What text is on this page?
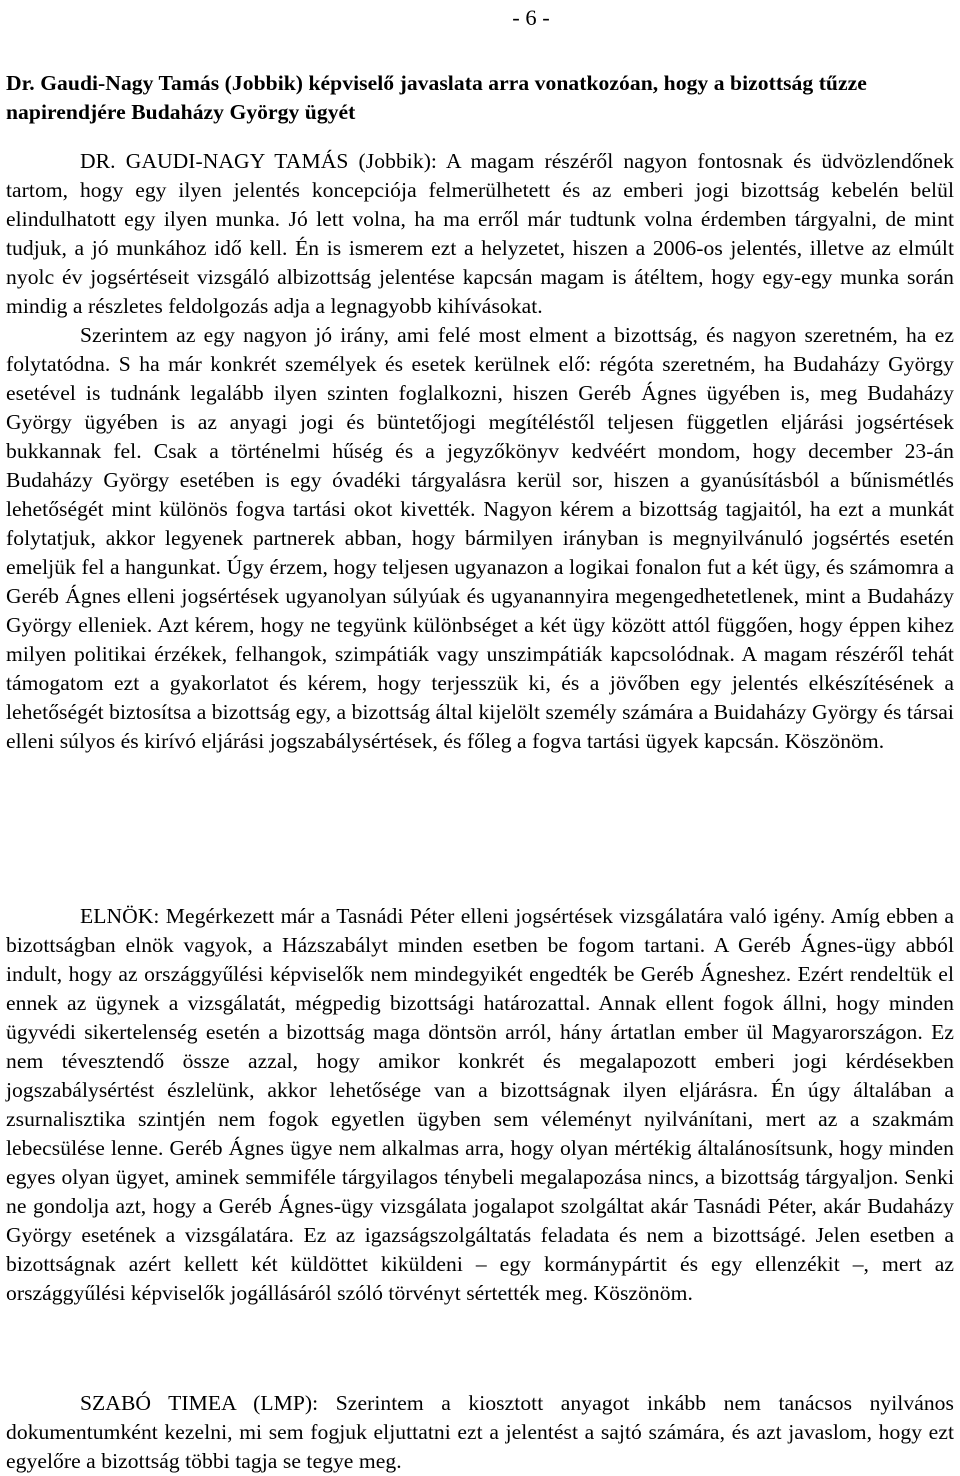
- 6 -
Dr. Gaudi-Nagy Tamás (Jobbik) képviselő javaslata arra vonatkozóan, hogy a bizottság tűzze napirendjére Budaházy György ügyét

DR. GAUDI-NAGY TAMÁS (Jobbik): A magam részéről nagyon fontosnak és üdvözlendőnek tartom, hogy egy ilyen jelentés koncepciója felmerülhetett és az emberi jogi bizottság kebelén belül elindulhatott egy ilyen munka. Jó lett volna, ha ma erről már tudtunk volna érdemben tárgyalni, de mint tudjuk, a jó munkához idő kell. Én is ismerem ezt a helyzetet, hiszen a 2006-os jelentés, illetve az elmúlt nyolc év jogsértéseit vizsgáló albizottság jelentése kapcsán magam is átéltem, hogy egy-egy munka során mindig a részletes feldolgozás adja a legnagyobb kihívásokat.

Szerintem az egy nagyon jó irány, ami felé most elment a bizottság, és nagyon szeretném, ha ez folytatódna. S ha már konkrét személyek és esetek kerülnek elő: régóta szeretném, ha Budaházy György esetével is tudnánk legalább ilyen szinten foglalkozni, hiszen Geréb Ágnes ügyében is, meg Budaházy György ügyében is az anyagi jogi és büntetőjogi megítéléstől teljesen független eljárási jogsértések bukkannak fel. Csak a történelmi hűség és a jegyzőkönyv kedvéért mondom, hogy december 23-án Budaházy György esetében is egy óvadéki tárgyalásra kerül sor, hiszen a gyanúsításból a bűnismétlés lehetőségét mint különös fogva tartási okot kivették. Nagyon kérem a bizottság tagjaitól, ha ezt a munkát folytatjuk, akkor legyenek partnerek abban, hogy bármilyen irányban is megnyilvánuló jogsértés esetén emeljük fel a hangunkat. Úgy érzem, hogy teljesen ugyanazon a logikai fonalon fut a két ügy, és számomra a Geréb Ágnes elleni jogsértések ugyanolyan súlyúak és ugyanannyira megengedhetetlenek, mint a Budaházy György elleniek. Azt kérem, hogy ne tegyünk különbséget a két ügy között attól függően, hogy éppen kihez milyen politikai érzékek, felhangok, szimpátiák vagy unszimpátiák kapcsolódnak. A magam részéről tehát támogatom ezt a gyakorlatot és kérem, hogy terjesszük ki, és a jövőben egy jelentés elkészítésének a lehetőségét biztosítsa a bizottság egy, a bizottság által kijelölt személy számára a Buidaházy György és társai elleni súlyos és kirívó eljárási jogszabálysértések, és főleg a fogva tartási ügyek kapcsán. Köszönöm.

ELNÖK: Megérkezett már a Tasnádi Péter elleni jogsértések vizsgálatára való igény. Amíg ebben a bizottságban elnök vagyok, a Házszabályt minden esetben be fogom tartani. A Geréb Ágnes-ügy abból indult, hogy az országgyűlési képviselők nem mindegyikét engedték be Geréb Ágneshez. Ezért rendeltük el ennek az ügynek a vizsgálatát, mégpedig bizottsági határozattal. Annak ellent fogok állni, hogy minden ügyvédi sikertelenség esetén a bizottság maga döntsön arról, hány ártatlan ember ül Magyarországon. Ez nem tévesztendő össze azzal, hogy amikor konkrét és megalapozott emberi jogi kérdésekben jogszabálysértést észlelünk, akkor lehetősége van a bizottságnak ilyen eljárásra. Én úgy általában a zsurnalisztika szintjén nem fogok egyetlen ügyben sem véleményt nyilvánítani, mert az a szakmám lebecsülése lenne. Geréb Ágnes ügye nem alkalmas arra, hogy olyan mértékig általánosítsunk, hogy minden egyes olyan ügyet, aminek semmiféle tárgyilagos ténybeli megalapozása nincs, a bizottság tárgyaljon. Senki ne gondolja azt, hogy a Geréb Ágnes-ügy vizsgálata jogalapot szolgáltat akár Tasnádi Péter, akár Budaházy György esetének a vizsgálatára. Ez az igazságszolgáltatás feladata és nem a bizottságé. Jelen esetben a bizottságnak azért kellett két küldöttet kiküldeni – egy kormánypártit és egy ellenzékit –, mert az országgyűlési képviselők jogállásáról szóló törvényt sértették meg. Köszönöm.

SZABÓ TIMEA (LMP): Szerintem a kiosztott anyagot inkább nem tanácsos nyilvános dokumentumként kezelni, mi sem fogjuk eljuttatni ezt a jelentést a sajtó számára, és azt javaslom, hogy ezt egyelőre a bizottság többi tagja se tegye meg.
